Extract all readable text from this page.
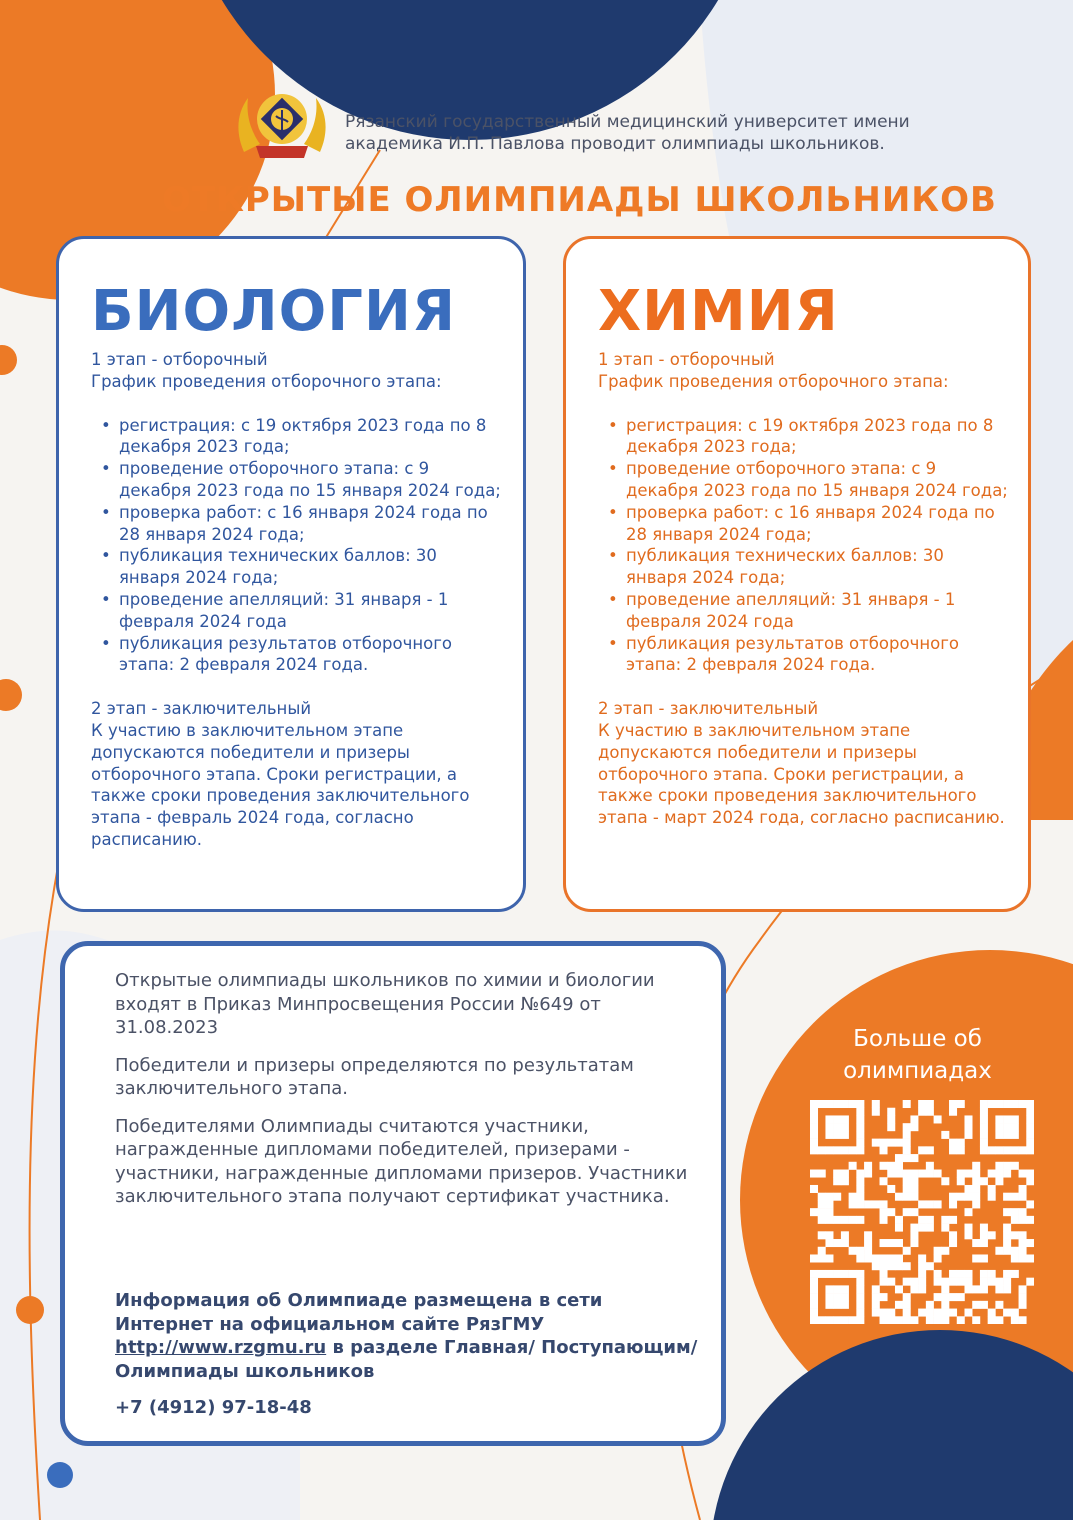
Рязанский государственный медицинский университет имени академика И.П. Павлова проводит олимпиады школьников.

ОТКРЫТЫЕ ОЛИМПИАДЫ ШКОЛЬНИКОВ
БИОЛОГИЯ

1 этап - отборочный

График проведения отборочного этапа:

• регистрация: с 19 октября 2023 года по 8 декабря 2023 года;
• проведение отборочного этапа: с 9 декабря 2023 года по 15 января 2024 года;
• проверка работ: с 16 января 2024 года по 28 января 2024 года;
• публикация технических баллов: 30 января 2024 года;
• проведение апелляций: 31 января - 1 февраля 2024 года
• публикация результатов отборочного этапа: 2 февраля 2024 года.

2 этап - заключительный

К участию в заключительном этапе допускаются победители и призеры отборочного этапа. Сроки регистрации, а также сроки проведения заключительного этапа - февраль 2024 года, согласно расписанию.

ХИМИЯ

1 этап - отборочный

График проведения отборочного этапа:

• регистрация: с 19 октября 2023 года по 8 декабря 2023 года;
• проведение отборочного этапа: с 9 декабря 2023 года по 15 января 2024 года;
• проверка работ: с 16 января 2024 года по 28 января 2024 года;
• публикация технических баллов: 30 января 2024 года;
• проведение апелляций: 31 января - 1 февраля 2024 года
• публикация результатов отборочного этапа: 2 февраля 2024 года.

2 этап - заключительный

К участию в заключительном этапе допускаются победители и призеры отборочного этапа. Сроки регистрации, а также сроки проведения заключительного этапа - март 2024 года, согласно расписанию.

Открытые олимпиады школьников по химии и биологии входят в Приказ Минпросвещения России №649 от 31.08.2023

Победители и призеры определяются по результатам заключительного этапа.

Победителями Олимпиады считаются участники, награжденные дипломами победителей, призерами - участники, награжденные дипломами призеров. Участники заключительного этапа получают сертификат участника.

Информация об Олимпиаде размещена в сети Интернет на официальном сайте РязГМУ http://www.rzgmu.ru в разделе Главная/ Поступающим/ Олимпиады школьников

+7 (4912) 97-18-48

Больше об олимпиадах
